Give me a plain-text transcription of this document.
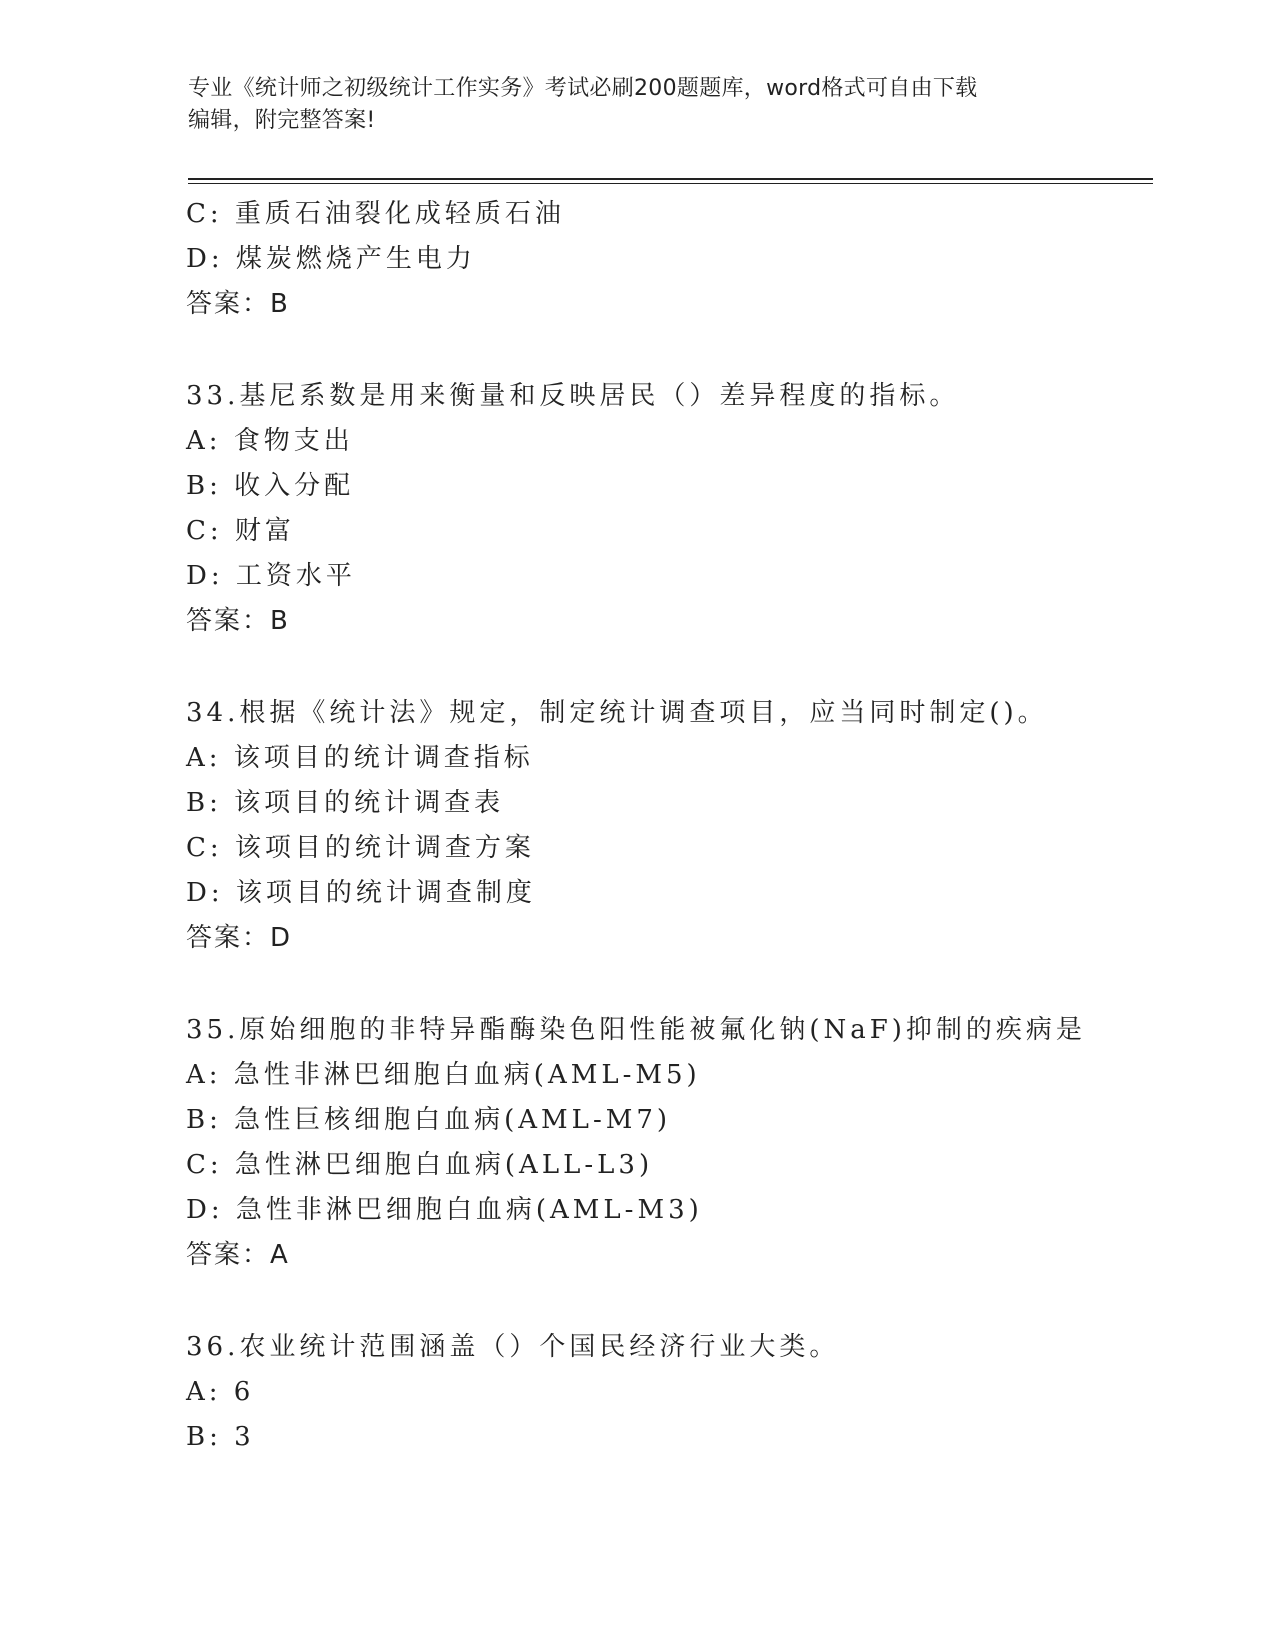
专业《统计师之初级统计工作实务》考试必刷200题题库，word格式可自由下载
编辑，附完整答案!
C: 重质石油裂化成轻质石油
D: 煤炭燃烧产生电力
答案：B
33.基尼系数是用来衡量和反映居民（）差异程度的指标。
A: 食物支出
B: 收入分配
C: 财富
D: 工资水平
答案：B
34.根据《统计法》规定，制定统计调查项目，应当同时制定()。
A: 该项目的统计调查指标
B: 该项目的统计调查表
C: 该项目的统计调查方案
D: 该项目的统计调查制度
答案：D
35.原始细胞的非特异酯酶染色阳性能被氟化钠(NaF)抑制的疾病是
A: 急性非淋巴细胞白血病(AML-M5)
B: 急性巨核细胞白血病(AML-M7)
C: 急性淋巴细胞白血病(ALL-L3)
D: 急性非淋巴细胞白血病(AML-M3)
答案：A
36.农业统计范围涵盖（）个国民经济行业大类。
A: 6
B: 3
